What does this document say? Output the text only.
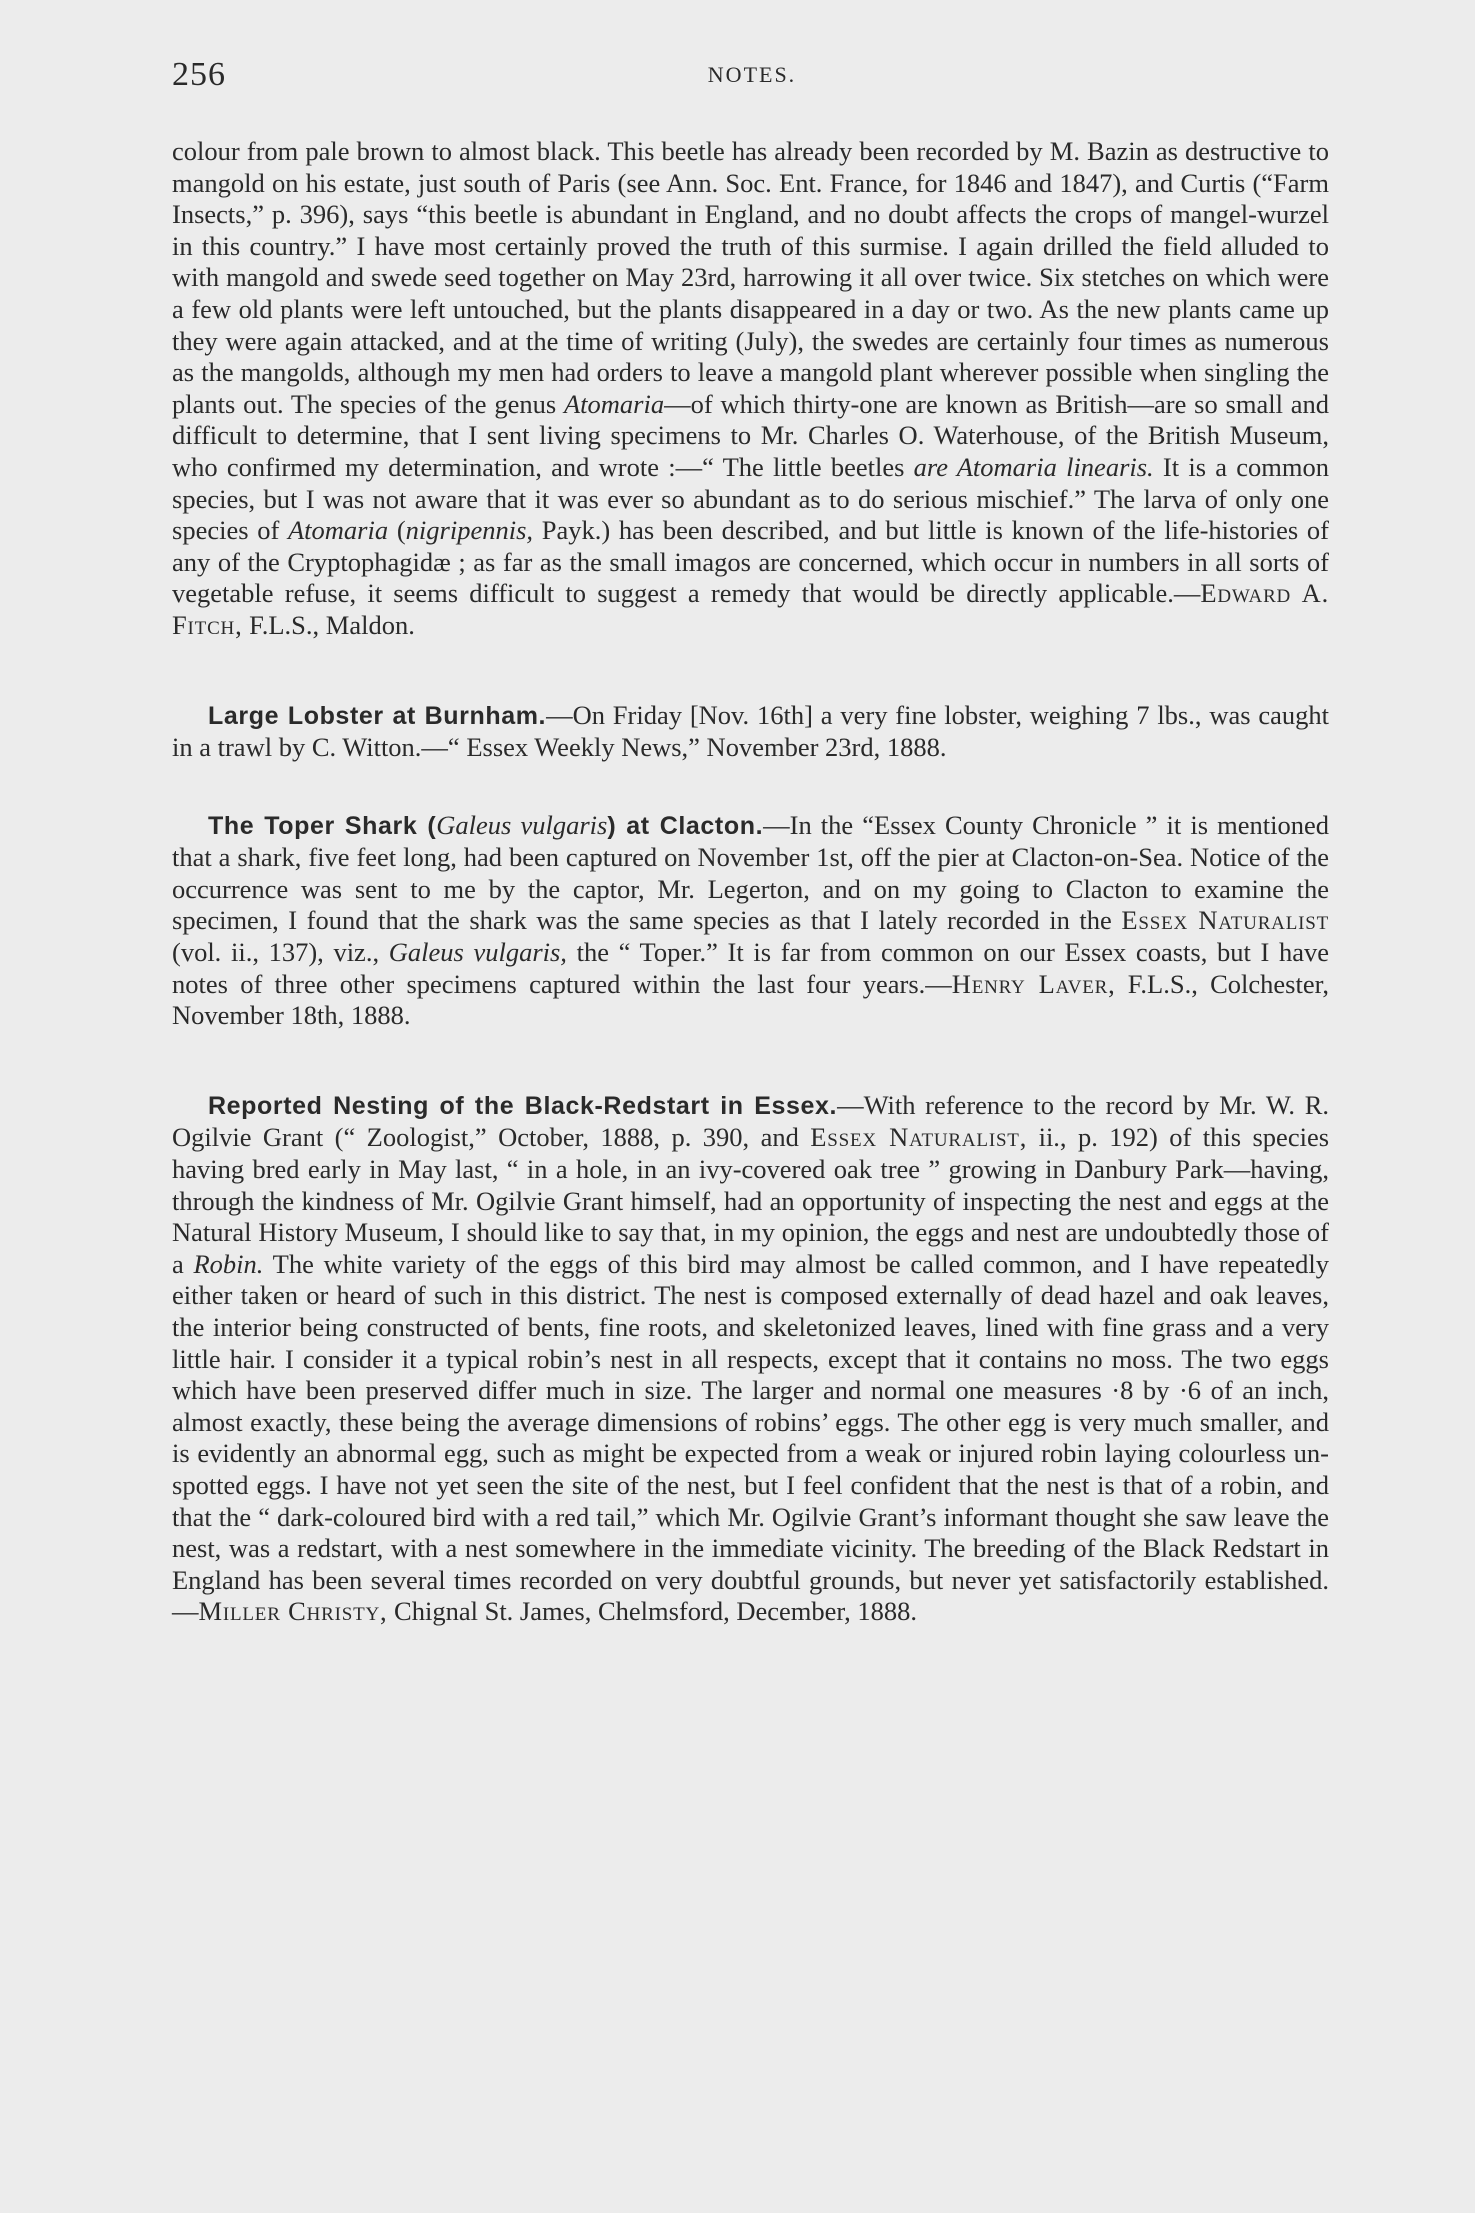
256	NOTES.

colour from pale brown to almost black. This beetle has already been recorded by M. Bazin as destructive to mangold on his estate, just south of Paris (see Ann. Soc. Ent. France, for 1846 and 1847), and Curtis (“Farm Insects,” p. 396), says “this beetle is abundant in England, and no doubt affects the crops of mangel-wurzel in this country.” I have most certainly proved the truth of this surmise. I again drilled the field alluded to with mangold and swede seed together on May 23rd, harrowing it all over twice. Six stetches on which were a few old plants were left untouched, but the plants disappeared in a day or two. As the new plants came up they were again attacked, and at the time of writing (July), the swedes are certainly four times as numerous as the mangolds, although my men had orders to leave a mangold plant wherever possible when singling the plants out. The species of the genus Atomaria—of which thirty-one are known as British—are so small and difficult to determine, that I sent living specimens to Mr. Charles O. Waterhouse, of the British Museum, who confirmed my determination, and wrote :—“ The little beetles are Atomaria linearis. It is a common species, but I was not aware that it was ever so abundant as to do serious mischief.” The larva of only one species of Atomaria (nigripennis, Payk.) has been described, and but little is known of the life-histories of any of the Cryptophagidæ ; as far as the small imagos are concerned, which occur in numbers in all sorts of vegetable refuse, it seems difficult to suggest a remedy that would be directly applicable.—Edward A. Fitch, F.L.S., Maldon.

Large Lobster at Burnham.—On Friday [Nov. 16th] a very fine lobster, weighing 7 lbs., was caught in a trawl by C. Witton.—“ Essex Weekly News,” November 23rd, 1888.

The Toper Shark (Galeus vulgaris) at Clacton.—In the “Essex County Chronicle ” it is mentioned that a shark, five feet long, had been captured on November 1st, off the pier at Clacton-on-Sea. Notice of the occurrence was sent to me by the captor, Mr. Legerton, and on my going to Clacton to examine the specimen, I found that the shark was the same species as that I lately recorded in the Essex Naturalist (vol. ii., 137), viz., Galeus vulgaris, the “ Toper.” It is far from common on our Essex coasts, but I have notes of three other specimens captured within the last four years.—Henry Laver, F.L.S., Colchester, November 18th, 1888.

Reported Nesting of the Black-Redstart in Essex.—With reference to the record by Mr. W. R. Ogilvie Grant (“ Zoologist,” October, 1888, p. 390, and Essex Naturalist, ii., p. 192) of this species having bred early in May last, “ in a hole, in an ivy-covered oak tree ” growing in Danbury Park—having, through the kindness of Mr. Ogilvie Grant himself, had an opportunity of inspecting the nest and eggs at the Natural History Museum, I should like to say that, in my opinion, the eggs and nest are undoubtedly those of a Robin. The white variety of the eggs of this bird may almost be called common, and I have repeatedly either taken or heard of such in this district. The nest is composed externally of dead hazel and oak leaves, the interior being constructed of bents, fine roots, and skeletonized leaves, lined with fine grass and a very little hair. I consider it a typical robin’s nest in all respects, except that it contains no moss. The two eggs which have been preserved differ much in size. The larger and normal one measures ·8 by ·6 of an inch, almost exactly, these being the average dimensions of robins’ eggs. The other egg is very much smaller, and is evidently an abnormal egg, such as might be expected from a weak or injured robin laying colourless un-spotted eggs. I have not yet seen the site of the nest, but I feel confident that the nest is that of a robin, and that the “ dark-coloured bird with a red tail,” which Mr. Ogilvie Grant’s informant thought she saw leave the nest, was a redstart, with a nest somewhere in the immediate vicinity. The breeding of the Black Redstart in England has been several times recorded on very doubtful grounds, but never yet satisfactorily established.—Miller Christy, Chignal St. James, Chelmsford, December, 1888.
